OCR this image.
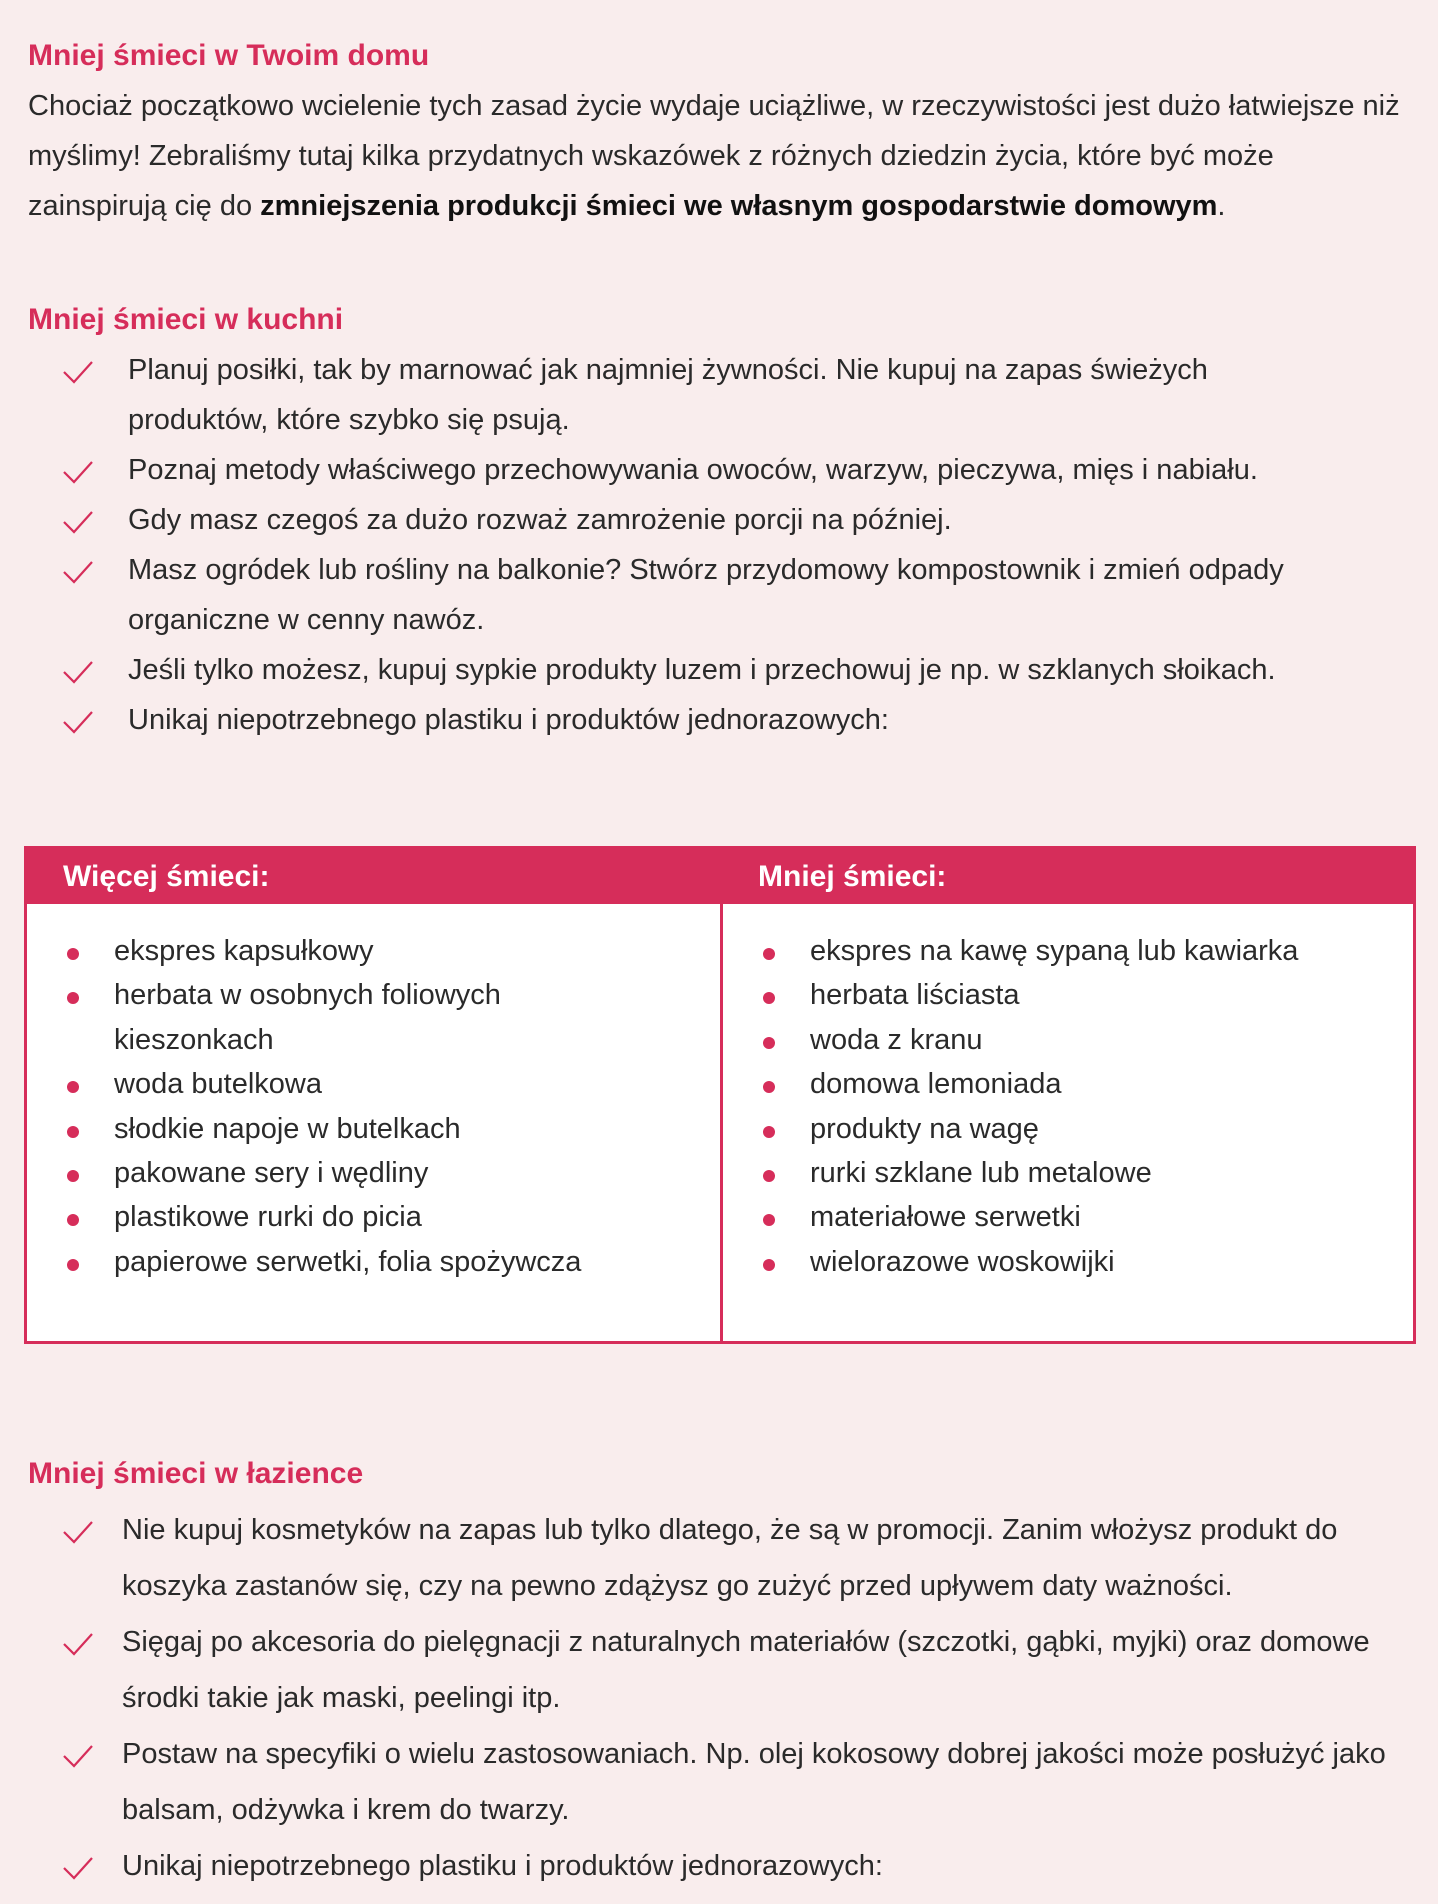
Mniej śmieci w Twoim domu

Chociaż początkowo wcielenie tych zasad życie wydaje uciążliwe, w rzeczywistości jest dużo łatwiejsze niż myślimy! Zebraliśmy tutaj kilka przydatnych wskazówek z różnych dziedzin życia, które być może zainspirują cię do zmniejszenia produkcji śmieci we własnym gospodarstwie domowym.

Mniej śmieci w kuchni
Planuj posiłki, tak by marnować jak najmniej żywności. Nie kupuj na zapas świeżych produktów, które szybko się psują.
Poznaj metody właściwego przechowywania owoców, warzyw, pieczywa, mięs i nabiału.
Gdy masz czegoś za dużo rozważ zamrożenie porcji na później.
Masz ogródek lub rośliny na balkonie? Stwórz przydomowy kompostownik i zmień odpady organiczne w cenny nawóz.
Jeśli tylko możesz, kupuj sypkie produkty luzem i przechowuj je np. w szklanych słoikach.
Unikaj niepotrzebnego plastiku i produktów jednorazowych:
Więcej śmieci:	Mniej śmieci:
ekspres kapsułkowy
herbata w osobnych foliowych kieszonkach
woda butelkowa
słodkie napoje w butelkach
pakowane sery i wędliny
plastikowe rurki do picia
papierowe serwetki, folia spożywcza
ekspres na kawę sypaną lub kawiarka
herbata liściasta
woda z kranu
domowa lemoniada
produkty na wagę
rurki szklane lub metalowe
materiałowe serwetki
wielorazowe woskowijki
Mniej śmieci w łazience
Nie kupuj kosmetyków na zapas lub tylko dlatego, że są w promocji. Zanim włożysz produkt do koszyka zastanów się, czy na pewno zdążysz go zużyć przed upływem daty ważności.
Sięgaj po akcesoria do pielęgnacji z naturalnych materiałów (szczotki, gąbki, myjki) oraz domowe środki takie jak maski, peelingi itp.
Postaw na specyfiki o wielu zastosowaniach. Np. olej kokosowy dobrej jakości może posłużyć jako balsam, odżywka i krem do twarzy.
Unikaj niepotrzebnego plastiku i produktów jednorazowych:
